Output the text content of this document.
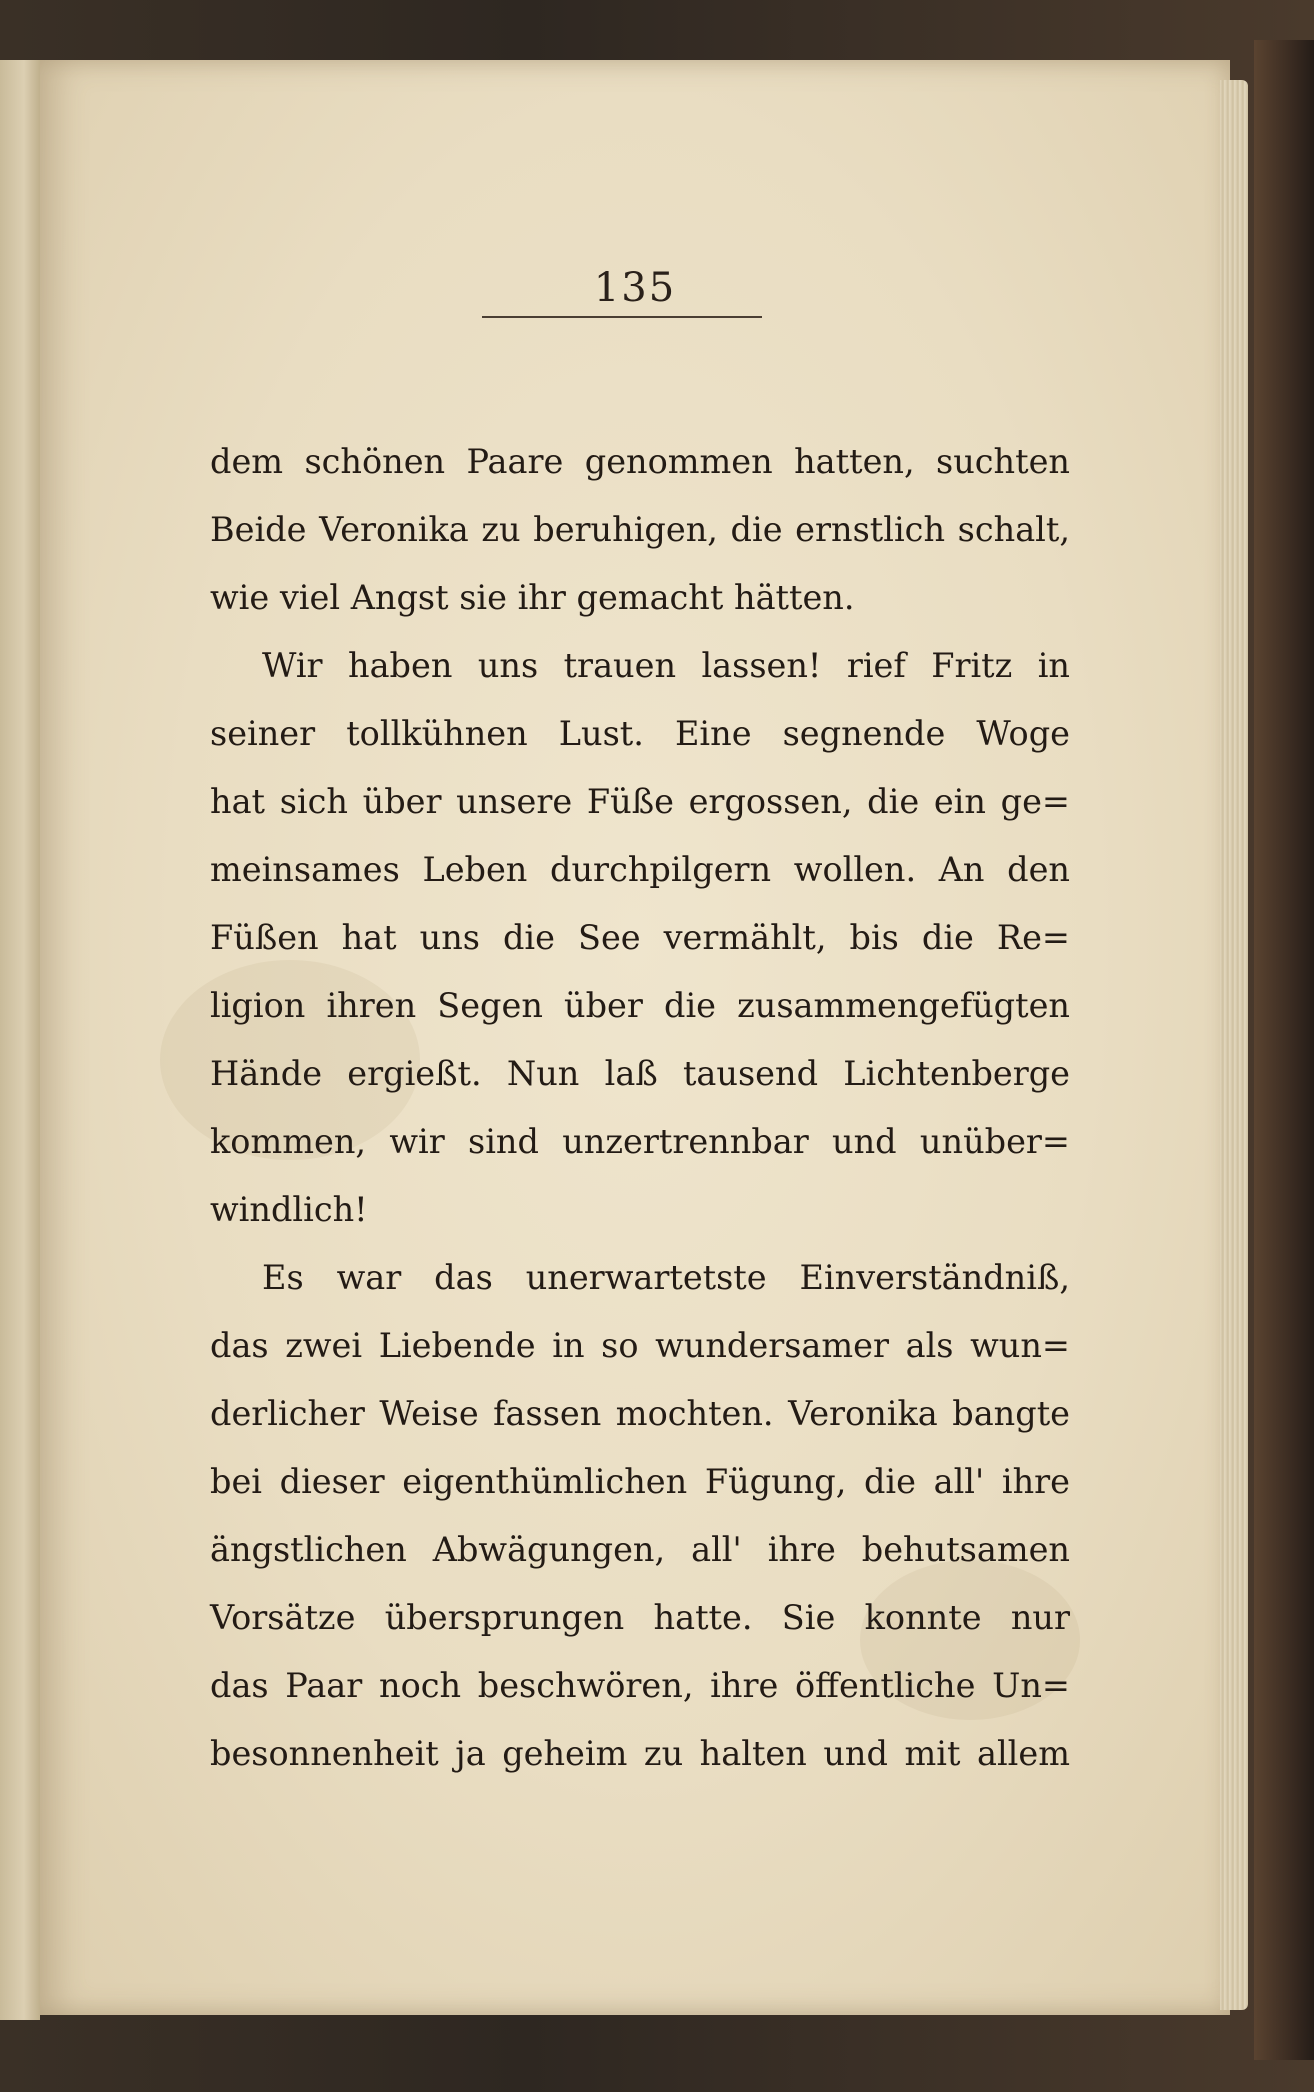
135
dem schönen Paare genommen hatten, suchten
Beide Veronika zu beruhigen, die ernstlich schalt,
wie viel Angst sie ihr gemacht hätten.
Wir haben uns trauen lassen! rief Fritz in
seiner tollkühnen Lust. Eine segnende Woge
hat sich über unsere Füße ergossen, die ein ge=
meinsames Leben durchpilgern wollen. An den
Füßen hat uns die See vermählt, bis die Re=
ligion ihren Segen über die zusammengefügten
Hände ergießt. Nun laß tausend Lichtenberge
kommen, wir sind unzertrennbar und unüber=
windlich!
Es war das unerwartetste Einverständniß,
das zwei Liebende in so wundersamer als wun=
derlicher Weise fassen mochten. Veronika bangte
bei dieser eigenthümlichen Fügung, die all' ihre
ängstlichen Abwägungen, all' ihre behutsamen
Vorsätze übersprungen hatte. Sie konnte nur
das Paar noch beschwören, ihre öffentliche Un=
besonnenheit ja geheim zu halten und mit allem
